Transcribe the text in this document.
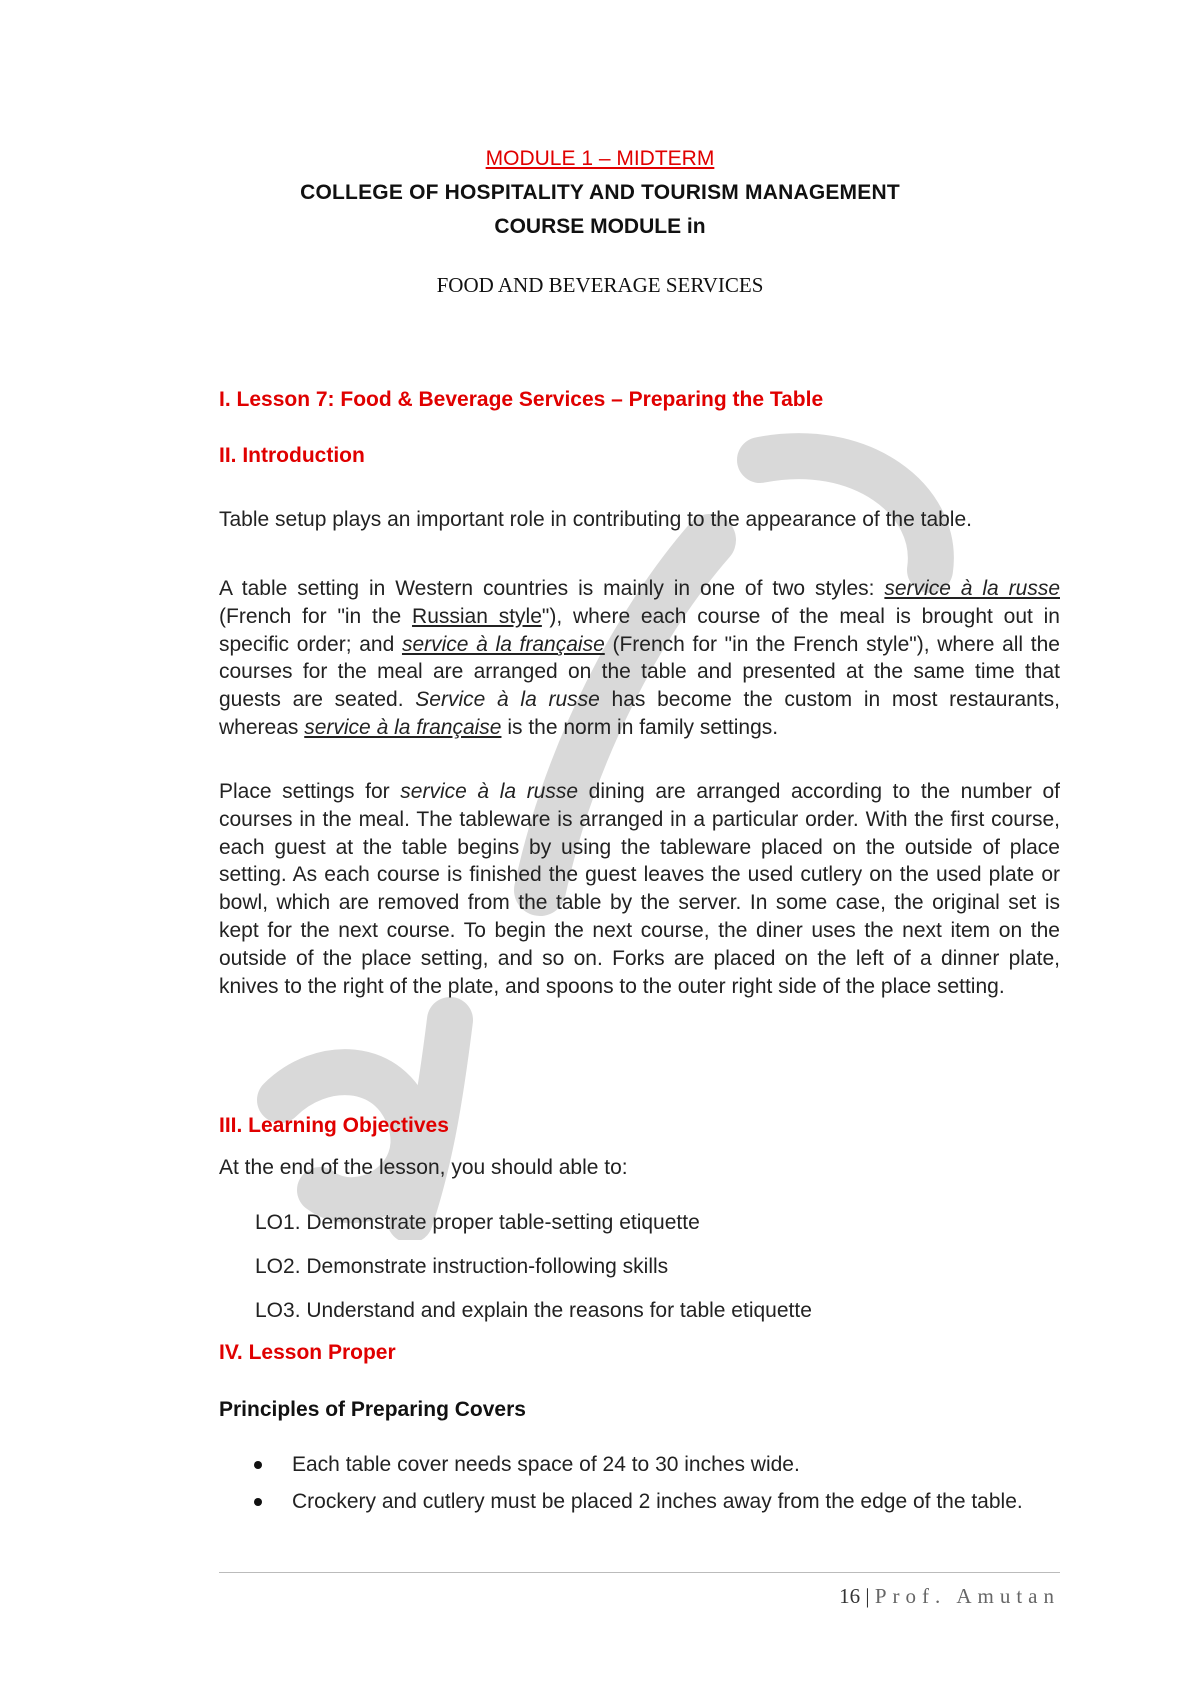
MODULE 1 – MIDTERM
COLLEGE OF HOSPITALITY AND TOURISM MANAGEMENT
COURSE MODULE in
FOOD AND BEVERAGE SERVICES
I. Lesson 7: Food & Beverage Services – Preparing the Table
II. Introduction

Table setup plays an important role in contributing to the appearance of the table.

A table setting in Western countries is mainly in one of two styles: service à la russe (French for "in the Russian style"), where each course of the meal is brought out in specific order; and service à la française (French for "in the French style"), where all the courses for the meal are arranged on the table and presented at the same time that guests are seated. Service à la russe has become the custom in most restaurants, whereas service à la française is the norm in family settings.

Place settings for service à la russe dining are arranged according to the number of courses in the meal. The tableware is arranged in a particular order. With the first course, each guest at the table begins by using the tableware placed on the outside of place setting. As each course is finished the guest leaves the used cutlery on the used plate or bowl, which are removed from the table by the server. In some case, the original set is kept for the next course. To begin the next course, the diner uses the next item on the outside of the place setting, and so on. Forks are placed on the left of a dinner plate, knives to the right of the plate, and spoons to the outer right side of the place setting.

III. Learning Objectives

At the end of the lesson, you should able to:

LO1. Demonstrate proper table-setting etiquette

LO2. Demonstrate instruction-following skills

LO3. Understand and explain the reasons for table etiquette

IV. Lesson Proper
Principles of Preparing Covers
Each table cover needs space of 24 to 30 inches wide.
Crockery and cutlery must be placed 2 inches away from the edge of the table.
16 | Prof. Amutan
